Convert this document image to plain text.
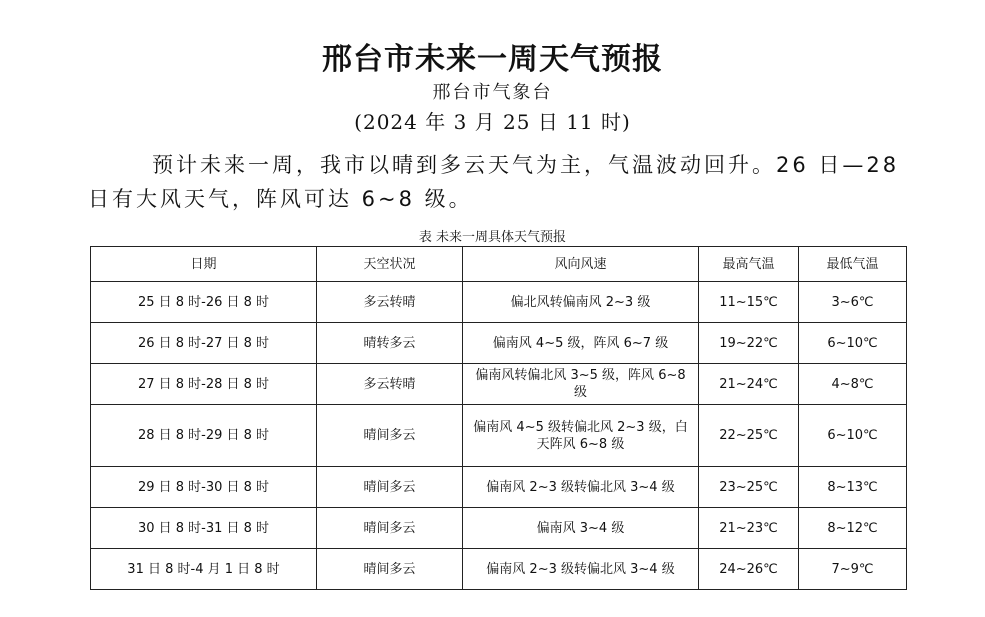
邢台市未来一周天气预报
邢台市气象台
(2024 年 3 月 25 日 11 时)
预计未来一周，我市以晴到多云天气为主，气温波动回升。26 日—28 日有大风天气，阵风可达 6~8 级。
表 未来一周具体天气预报
日期	天空状况	风向风速	最高气温	最低气温
25 日 8 时-26 日 8 时	多云转晴	偏北风转偏南风 2~3 级	11~15℃	3~6℃
26 日 8 时-27 日 8 时	晴转多云	偏南风 4~5 级，阵风 6~7 级	19~22℃	6~10℃
27 日 8 时-28 日 8 时	多云转晴	偏南风转偏北风 3~5 级，阵风 6~8 级	21~24℃	4~8℃
28 日 8 时-29 日 8 时	晴间多云	偏南风 4~5 级转偏北风 2~3 级，白天阵风 6~8 级	22~25℃	6~10℃
29 日 8 时-30 日 8 时	晴间多云	偏南风 2~3 级转偏北风 3~4 级	23~25℃	8~13℃
30 日 8 时-31 日 8 时	晴间多云	偏南风 3~4 级	21~23℃	8~12℃
31 日 8 时-4 月 1 日 8 时	晴间多云	偏南风 2~3 级转偏北风 3~4 级	24~26℃	7~9℃
